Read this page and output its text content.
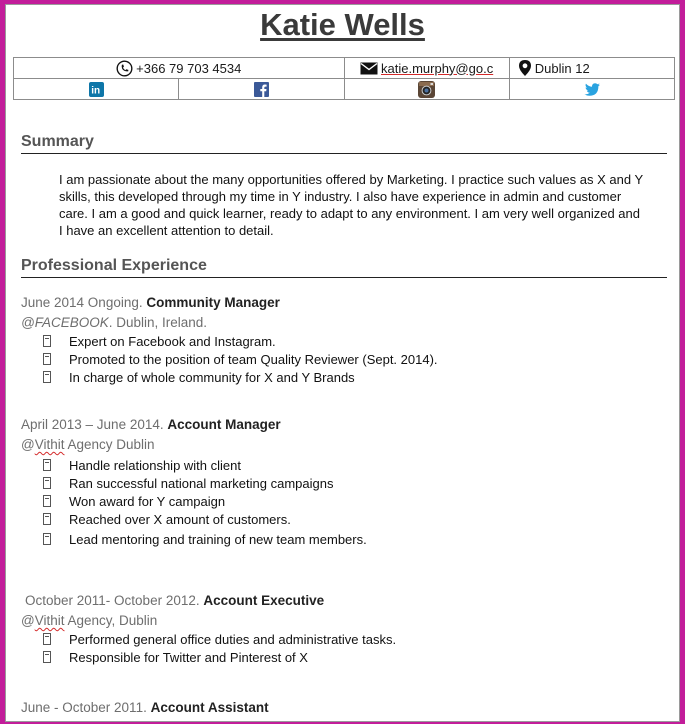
Katie Wells
+366 79 703 4534		katie.murphy@go.c	Dublin 12

in

Summary
I am passionate about the many opportunities offered by Marketing. I practice such values as X and Y
skills, this developed through my time in Y industry. I also have experience in admin and customer
care. I am a good and quick learner, ready to adapt to any environment. I am very well organized and
I have an excellent attention to detail.
Professional Experience
June 2014 Ongoing. Community Manager
@FACEBOOK. Dublin, Ireland.
Expert on Facebook and Instagram.
Promoted to the position of team Quality Reviewer (Sept. 2014).
In charge of whole community for X and Y Brands
April 2013 – June 2014. Account Manager
@Vithit Agency Dublin
Handle relationship with client
Ran successful national marketing campaigns
Won award for Y campaign
Reached over X amount of customers.
Lead mentoring and training of new team members.
October 2011- October 2012. Account Executive
@Vithit Agency, Dublin
Performed general office duties and administrative tasks.
Responsible for Twitter and Pinterest of X
June - October 2011. Account Assistant
